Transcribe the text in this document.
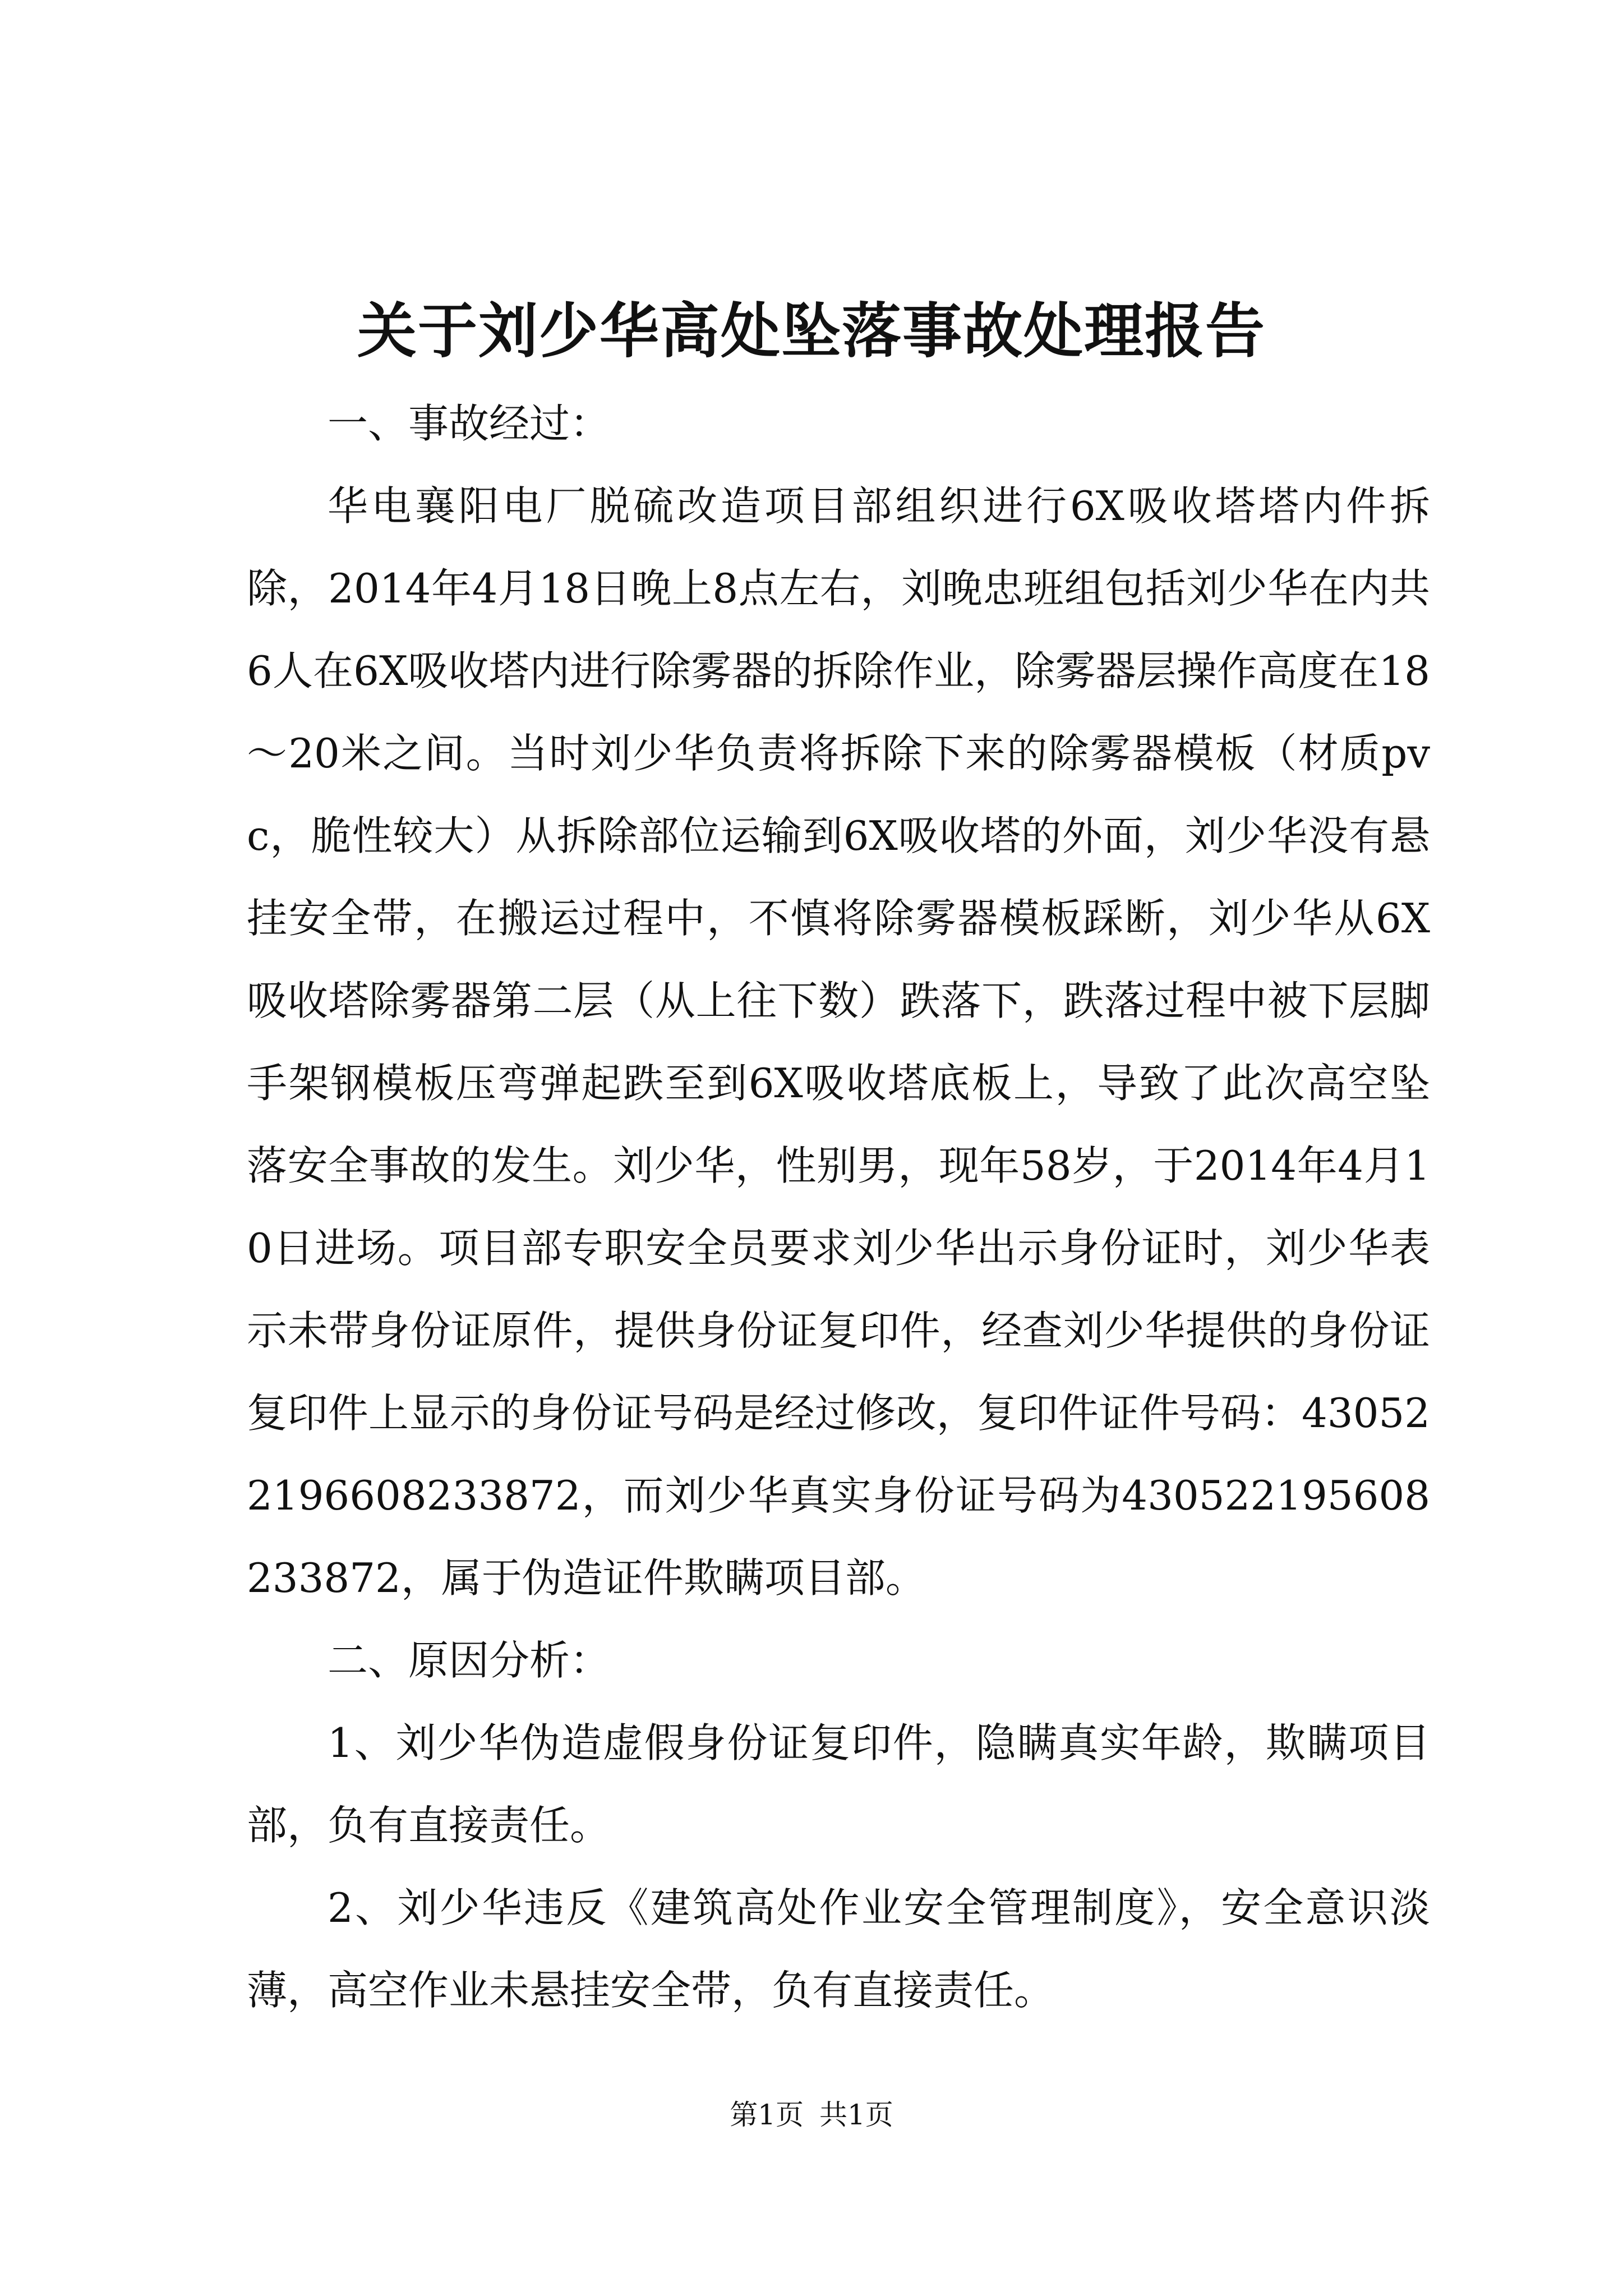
关于刘少华高处坠落事故处理报告

一、事故经过：

华电襄阳电厂脱硫改造项目部组织进行6X吸收塔塔内件拆除，2014年4月18日晚上8点左右，刘晚忠班组包括刘少华在内共6人在6X吸收塔内进行除雾器的拆除作业，除雾器层操作高度在18～20米之间。当时刘少华负责将拆除下来的除雾器模板（材质pvc，脆性较大）从拆除部位运输到6X吸收塔的外面，刘少华没有悬挂安全带，在搬运过程中，不慎将除雾器模板踩断，刘少华从6X吸收塔除雾器第二层（从上往下数）跌落下，跌落过程中被下层脚手架钢模板压弯弹起跌至到6X吸收塔底板上，导致了此次高空坠落安全事故的发生。刘少华，性别男，现年58岁，于2014年4月10日进场。项目部专职安全员要求刘少华出示身份证时，刘少华表示未带身份证原件，提供身份证复印件，经查刘少华提供的身份证复印件上显示的身份证号码是经过修改，复印件证件号码：430522196608233872，而刘少华真实身份证号码为430522195608233872，属于伪造证件欺瞒项目部。

二、原因分析：

1、刘少华伪造虚假身份证复印件，隐瞒真实年龄，欺瞒项目部，负有直接责任。

2、刘少华违反《建筑高处作业安全管理制度》，安全意识淡薄，高空作业未悬挂安全带，负有直接责任。

第1页 共1页
